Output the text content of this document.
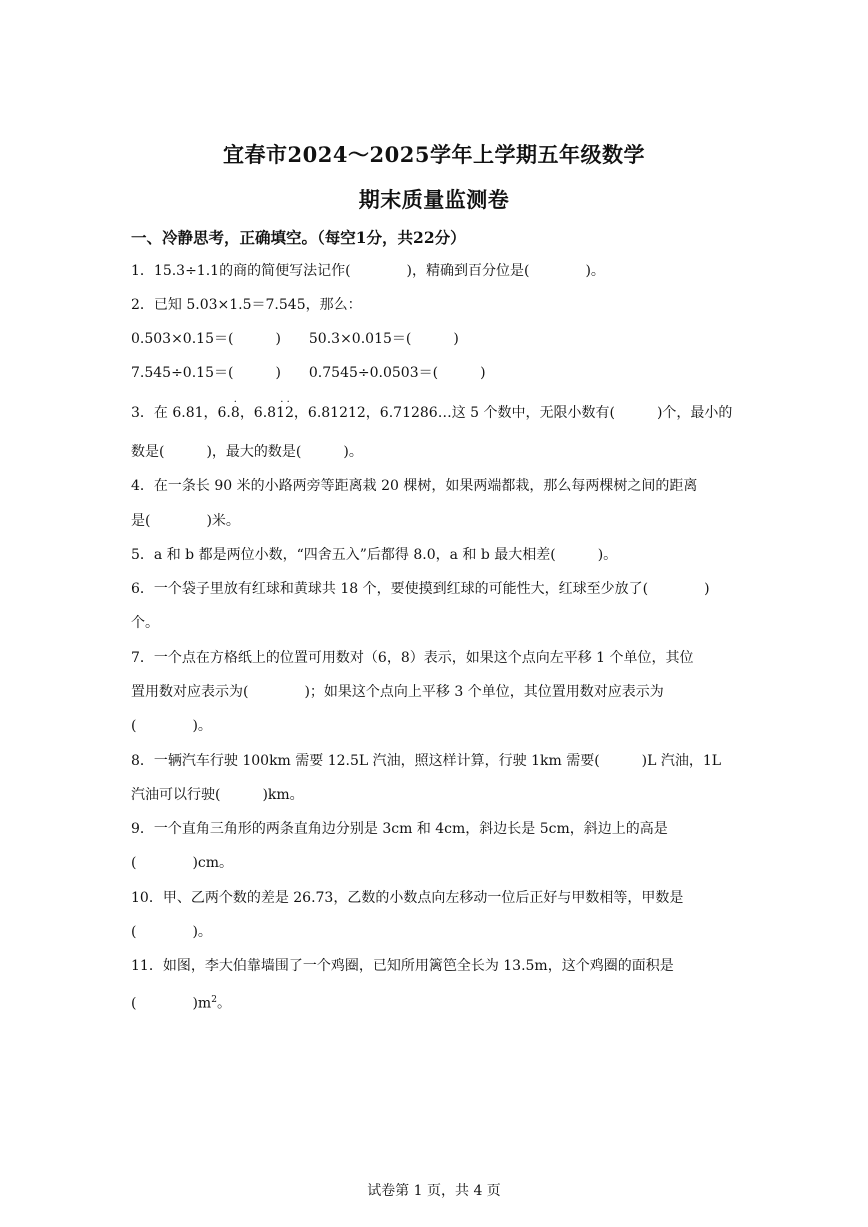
宜春市2024～2025学年上学期五年级数学
期末质量监测卷
一、冷静思考，正确填空。（每空1分，共22分）
1．15.3÷1.1的商的简便写法记作(　　　　)，精确到百分位是(　　　　)。
2．已知 5.03×1.5＝7.545，那么：
0.503×0.15＝(　　　)　　50.3×0.015＝(　　　)
7.545÷0.15＝(　　　)　　0.7545÷0.0503＝(　　　)
3．在 6.81，6.
·
8，6.8
· ·
12，6.81212，6.71286…这 5 个数中，无限小数有(　　　)个，最小的
数是(　　　)，最大的数是(　　　)。
4．在一条长 90 米的小路两旁等距离栽 20 棵树，如果两端都栽，那么每两棵树之间的距离
是(　　　　)米。
5．a 和 b 都是两位小数，“四舍五入”后都得 8.0，a 和 b 最大相差(　　　)。
6．一个袋子里放有红球和黄球共 18 个，要使摸到红球的可能性大，红球至少放了(　　　　)
个。
7．一个点在方格纸上的位置可用数对（6，8）表示，如果这个点向左平移 1 个单位，其位
置用数对应表示为(　　　　)；如果这个点向上平移 3 个单位，其位置用数对应表示为
(　　　　)。
8．一辆汽车行驶 100km 需要 12.5L 汽油，照这样计算，行驶 1km 需要(　　　)L 汽油，1L
汽油可以行驶(　　　)km。
9．一个直角三角形的两条直角边分别是 3cm 和 4cm，斜边长是 5cm，斜边上的高是
(　　　　)cm。
10．甲、乙两个数的差是 26.73，乙数的小数点向左移动一位后正好与甲数相等，甲数是
(　　　　)。
11．如图，李大伯靠墙围了一个鸡圈，已知所用篱笆全长为 13.5m，这个鸡圈的面积是
(　　　　)$m^2$。
试卷第 1 页，共 4 页
